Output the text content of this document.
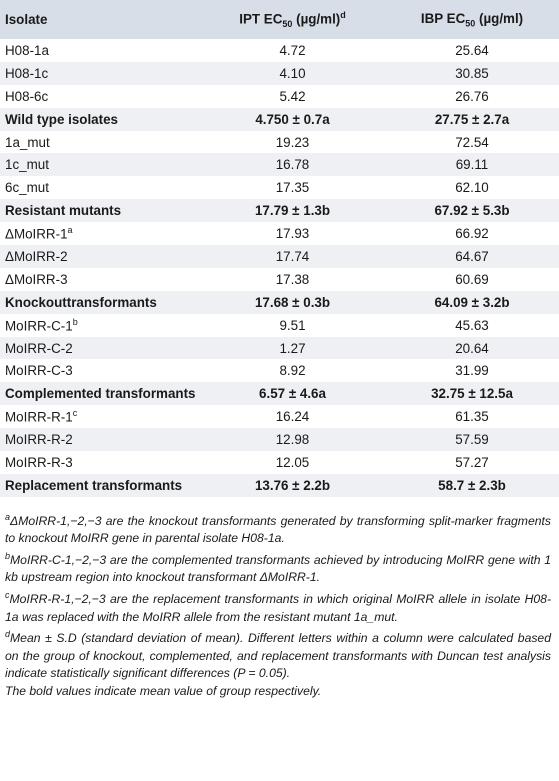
Isolate	IPT $EC_{50}$ $(\mu g/ml)^d$	IBP $EC_{50}$ (µg/ml)
H08-1a	4.72	25.64
H08-1c	4.10	30.85
H08-6c	5.42	26.76
Wild type isolates	4.750 ± 0.7a	27.75 ± 2.7a
1a_mut	19.23	72.54
1c_mut	16.78	69.11
6c_mut	17.35	62.10
Resistant mutants	17.79 ± 1.3b	67.92 ± 5.3b
ΔMoIRR-1$^a$	17.93	66.92
ΔMoIRR-2	17.74	64.67
ΔMoIRR-3	17.38	60.69
Knockouttransformants	17.68 ± 0.3b	64.09 ± 3.2b
MoIRR-C-1$^b$	9.51	45.63
MoIRR-C-2	1.27	20.64
MoIRR-C-3	8.92	31.99
Complemented transformants	6.57 ± 4.6a	32.75 ± 12.5a
MoIRR-R-1$^c$	16.24	61.35
MoIRR-R-2	12.98	57.59
MoIRR-R-3	12.05	57.27
Replacement transformants	13.76 ± 2.2b	58.7 ± 2.3b

$^a$ΔMoIRR-1,−2,−3 are the knockout transformants generated by transforming split-marker fragments to knockout MoIRR gene in parental isolate H08-1a.

$^b$MoIRR-C-1,−2,−3 are the complemented transformants achieved by introducing MoIRR gene with 1 kb upstream region into knockout transformant ΔMoIRR-1.

$^c$MoIRR-R-1,−2,−3 are the replacement transformants in which original MoIRR allele in isolate H08-1a was replaced with the MoIRR allele from the resistant mutant 1a_mut.

$^d$Mean ± S.D (standard deviation of mean). Different letters within a column were calculated based on the group of knockout, complemented, and replacement transformants with Duncan test analysis indicate statistically significant differences (P = 0.05).

The bold values indicate mean value of group respectively.
